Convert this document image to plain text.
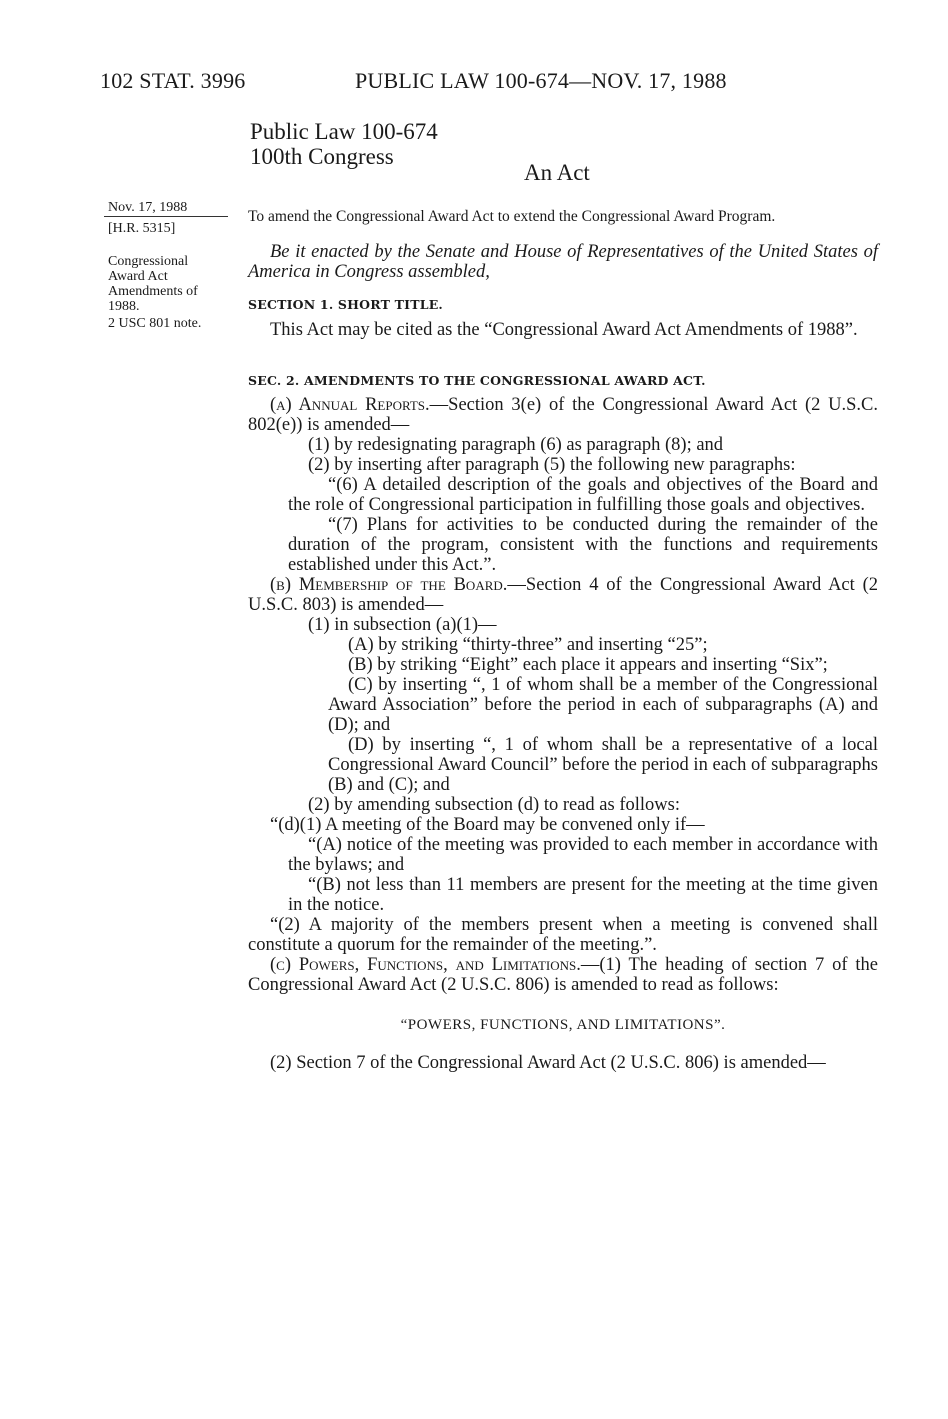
102 STAT. 3996	PUBLIC LAW 100-674—NOV. 17, 1988
Public Law 100-674
100th Congress
An Act
Nov. 17, 1988
[H.R. 5315]
Congressional
Award Act
Amendments of
1988.
2 USC 801 note.
To amend the Congressional Award Act to extend the Congressional Award Program.

Be it enacted by the Senate and House of Representatives of the United States of America in Congress assembled,

SECTION 1. SHORT TITLE.

This Act may be cited as the “Congressional Award Act Amendments of 1988”.

SEC. 2. AMENDMENTS TO THE CONGRESSIONAL AWARD ACT.

(a) Annual Reports.—Section 3(e) of the Congressional Award Act (2 U.S.C. 802(e)) is amended—

(1) by redesignating paragraph (6) as paragraph (8); and

(2) by inserting after paragraph (5) the following new paragraphs:

“(6) A detailed description of the goals and objectives of the Board and the role of Congressional participation in fulfilling those goals and objectives.

“(7) Plans for activities to be conducted during the remainder of the duration of the program, consistent with the functions and requirements established under this Act.”.

(b) Membership of the Board.—Section 4 of the Congressional Award Act (2 U.S.C. 803) is amended—

(1) in subsection (a)(1)—

(A) by striking “thirty-three” and inserting “25”;

(B) by striking “Eight” each place it appears and inserting “Six”;

(C) by inserting “, 1 of whom shall be a member of the Congressional Award Association” before the period in each of subparagraphs (A) and (D); and

(D) by inserting “, 1 of whom shall be a representative of a local Congressional Award Council” before the period in each of subparagraphs (B) and (C); and

(2) by amending subsection (d) to read as follows:

“(d)(1) A meeting of the Board may be convened only if—

“(A) notice of the meeting was provided to each member in accordance with the bylaws; and

“(B) not less than 11 members are present for the meeting at the time given in the notice.

“(2) A majority of the members present when a meeting is convened shall constitute a quorum for the remainder of the meeting.”.

(c) Powers, Functions, and Limitations.—(1) The heading of section 7 of the Congressional Award Act (2 U.S.C. 806) is amended to read as follows:

“POWERS, FUNCTIONS, AND LIMITATIONS”.

(2) Section 7 of the Congressional Award Act (2 U.S.C. 806) is amended—
